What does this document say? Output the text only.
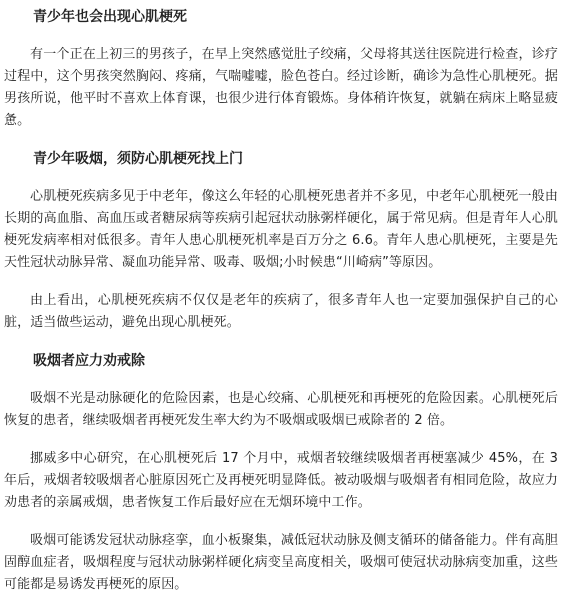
青少年也会出现心肌梗死

有一个正在上初三的男孩子，在早上突然感觉肚子绞痛，父母将其送往医院进行检查，诊疗过程中，这个男孩突然胸闷、疼痛，气喘嘘嘘，脸色苍白。经过诊断，确诊为急性心肌梗死。据男孩所说，他平时不喜欢上体育课，也很少进行体育锻炼。身体稍许恢复，就躺在病床上略显疲惫。

青少年吸烟，须防心肌梗死找上门

心肌梗死疾病多见于中老年，像这么年轻的心肌梗死患者并不多见，中老年心肌梗死一般由长期的高血脂、高血压或者糖尿病等疾病引起冠状动脉粥样硬化，属于常见病。但是青年人心肌梗死发病率相对低很多。青年人患心肌梗死机率是百万分之 6.6。青年人患心肌梗死，主要是先天性冠状动脉异常、凝血功能异常、吸毒、吸烟;小时候患“川崎病”等原因。

由上看出，心肌梗死疾病不仅仅是老年的疾病了，很多青年人也一定要加强保护自己的心脏，适当做些运动，避免出现心肌梗死。

吸烟者应力劝戒除

吸烟不光是动脉硬化的危险因素，也是心绞痛、心肌梗死和再梗死的危险因素。心肌梗死后恢复的患者，继续吸烟者再梗死发生率大约为不吸烟或吸烟已戒除者的 2 倍。

挪威多中心研究，在心肌梗死后 17 个月中，戒烟者较继续吸烟者再梗塞减少 45%，在 3 年后，戒烟者较吸烟者心脏原因死亡及再梗死明显降低。被动吸烟与吸烟者有相同危险，故应力劝患者的亲属戒烟，患者恢复工作后最好应在无烟环境中工作。

吸烟可能诱发冠状动脉痉挛，血小板聚集，减低冠状动脉及侧支循环的储备能力。伴有高胆固醇血症者，吸烟程度与冠状动脉粥样硬化病变呈高度相关，吸烟可使冠状动脉病变加重，这些可能都是易诱发再梗死的原因。
